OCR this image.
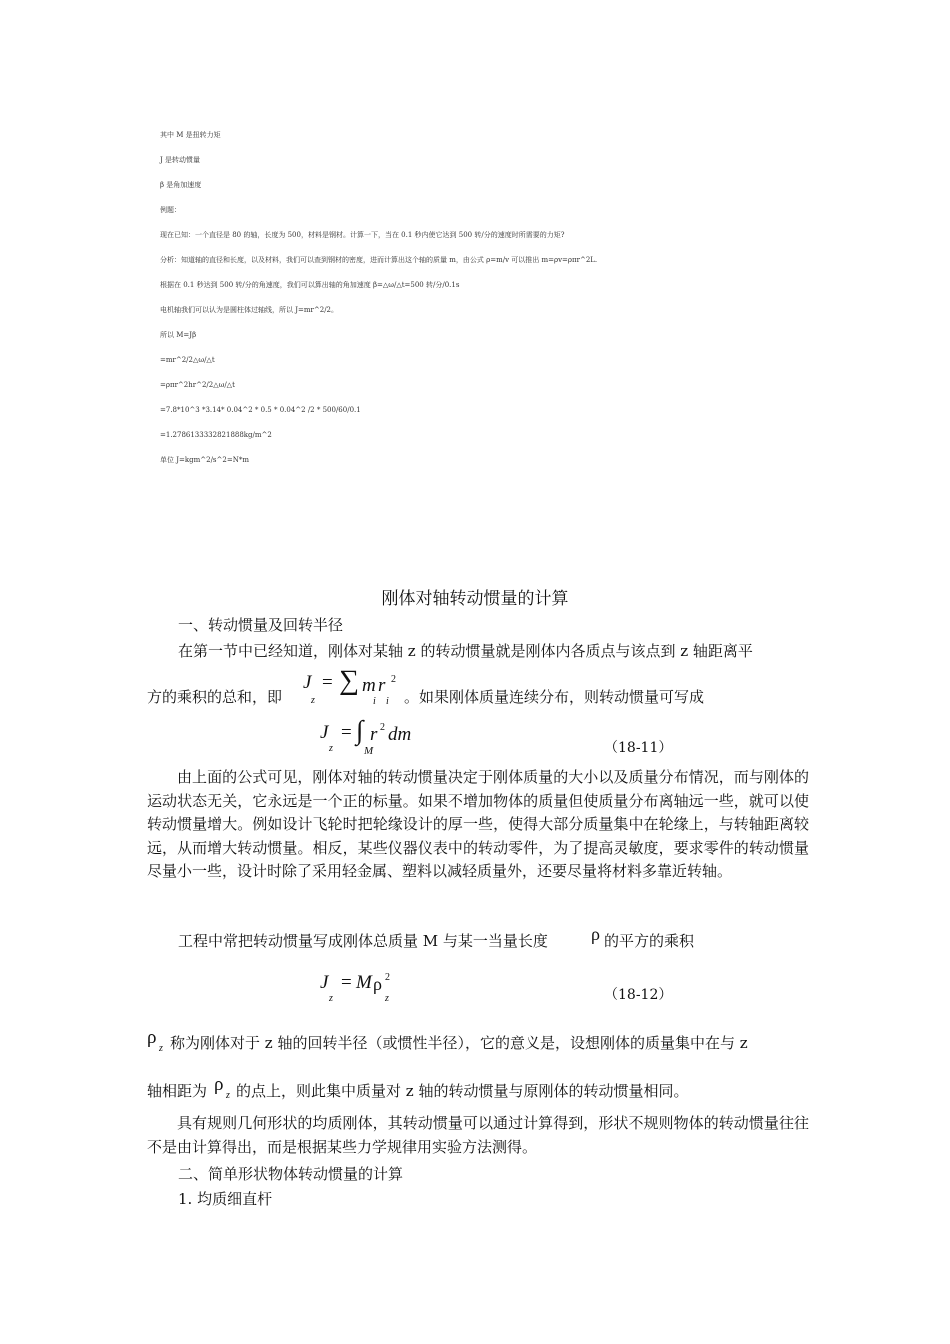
其中 M 是扭转力矩
J 是转动惯量
β 是角加速度
例题：
现在已知：一个直径是 80 的轴，长度为 500，材料是钢材。计算一下，当在 0.1 秒内使它达到 500 转/分的速度时所需要的力矩?
分析：知道轴的直径和长度，以及材料，我们可以查到钢材的密度，进而计算出这个轴的质量 m，由公式 ρ=m/v 可以推出 m=ρv=ρπr^2L.
根据在 0.1 秒达到 500 转/分的角速度，我们可以算出轴的角加速度 β=△ω/△t=500 转/分/0.1s
电机轴我们可以认为是圆柱体过轴线，所以 J=mr^2/2。
所以 M=Jβ
=mr^2/2△ω/△t
=ρπr^2hr^2/2△ω/△t
=7.8*10^3 *3.14* 0.04^2 * 0.5 * 0.04^2 /2 * 500/60/0.1
=1.2786133332821888kg/m^2
单位 J=kgm^2/s^2=N*m
刚体对轴转动惯量的计算
一、转动惯量及回转半径
在第一节中已经知道，刚体对某轴 z 的转动惯量就是刚体内各质点与该点到 z 轴距离平
方的乘积的总和，即
J
z
= ∑ m r 2
i i 。如果刚体质量连续分布，则转动惯量可写成
J
z
= ∫ r 2 dm
M	（18-11）
由上面的公式可见，刚体对轴的转动惯量决定于刚体质量的大小以及质量分布情况，而与刚体的运动状态无关，它永远是一个正的标量。如果不增加物体的质量但使质量分布离轴远一些，就可以使转动惯量增大。例如设计飞轮时把轮缘设计的厚一些，使得大部分质量集中在轮缘上，与转轴距离较远，从而增大转动惯量。相反，某些仪器仪表中的转动零件，为了提高灵敏度，要求零件的转动惯量尽量小一些，设计时除了采用轻金属、塑料以减轻质量外，还要尽量将材料多靠近转轴。
工程中常把转动惯量写成刚体总质量 M 与某一当量长度 ρ 的平方的乘积
J
z
= M ρ 2
z	（18-12）
ρ
z 称为刚体对于 z 轴的回转半径（或惯性半径），它的意义是，设想刚体的质量集中在与 z
轴相距为 ρ
z 的点上，则此集中质量对 z 轴的转动惯量与原刚体的转动惯量相同。
具有规则几何形状的均质刚体，其转动惯量可以通过计算得到，形状不规则物体的转动惯量往往不是由计算得出，而是根据某些力学规律用实验方法测得。
二、简单形状物体转动惯量的计算
1. 均质细直杆
